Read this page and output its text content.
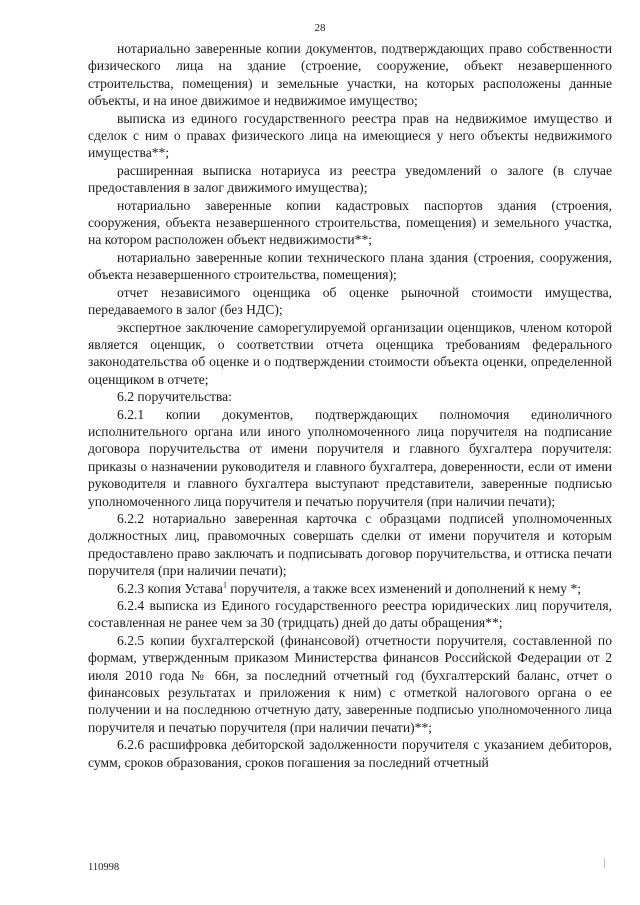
28

нотариально заверенные копии документов, подтверждающих право собственности физического лица на здание (строение, сооружение, объект незавершенного строительства, помещения) и земельные участки, на которых расположены данные объекты, и на иное движимое и недвижимое имущество;

выписка из единого государственного реестра прав на недвижимое имущество и сделок с ним о правах физического лица на имеющиеся у него объекты недвижимого имущества**;

расширенная выписка нотариуса из реестра уведомлений о залоге (в случае предоставления в залог движимого имущества);

нотариально заверенные копии кадастровых паспортов здания (строения, сооружения, объекта незавершенного строительства, помещения) и земельного участка, на котором расположен объект недвижимости**;

нотариально заверенные копии технического плана здания (строения, сооружения, объекта незавершенного строительства, помещения);

отчет независимого оценщика об оценке рыночной стоимости имущества, передаваемого в залог (без НДС);

экспертное заключение саморегулируемой организации оценщиков, членом которой является оценщик, о соответствии отчета оценщика требованиям федерального законодательства об оценке и о подтверждении стоимости объекта оценки, определенной оценщиком в отчете;

6.2 поручительства:

6.2.1 копии документов, подтверждающих полномочия единоличного исполнительного органа или иного уполномоченного лица поручителя на подписание договора поручительства от имени поручителя и главного бухгалтера поручителя: приказы о назначении руководителя и главного бухгалтера, доверенности, если от имени руководителя и главного бухгалтера выступают представители, заверенные подписью уполномоченного лица поручителя и печатью поручителя (при наличии печати);

6.2.2 нотариально заверенная карточка с образцами подписей уполномоченных должностных лиц, правомочных совершать сделки от имени поручителя и которым предоставлено право заключать и подписывать договор поручительства, и оттиска печати поручителя (при наличии печати);

6.2.3 копия Устава$^1$ поручителя, а также всех изменений и дополнений к нему *;

6.2.4 выписка из Единого государственного реестра юридических лиц поручителя, составленная не ранее чем за 30 (тридцать) дней до даты обращения**;

6.2.5 копии бухгалтерской (финансовой) отчетности поручителя, составленной по формам, утвержденным приказом Министерства финансов Российской Федерации от 2 июля 2010 года № 66н, за последний отчетный год (бухгалтерский баланс, отчет о финансовых результатах и приложения к ним) с отметкой налогового органа о ее получении и на последнюю отчетную дату, заверенные подписью уполномоченного лица поручителя и печатью поручителя (при наличии печати)**;

6.2.6 расшифровка дебиторской задолженности поручителя с указанием дебиторов, сумм, сроков образования, сроков погашения за последний отчетный

110998
